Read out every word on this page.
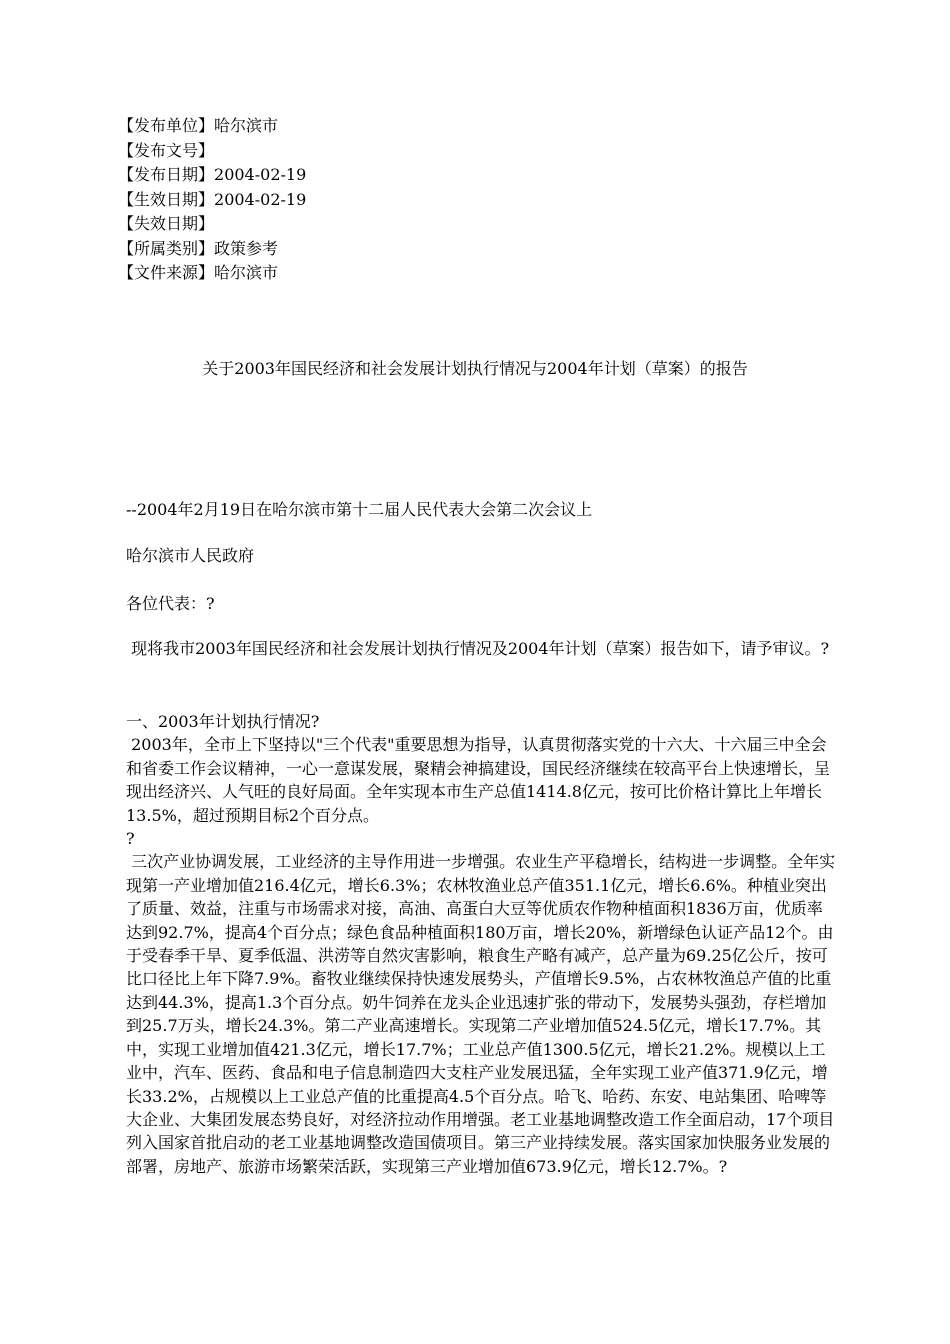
【发布单位】哈尔滨市
【发布文号】
【发布日期】2004-02-19
【生效日期】2004-02-19
【失效日期】
【所属类别】政策参考
【文件来源】哈尔滨市
关于2003年国民经济和社会发展计划执行情况与2004年计划（草案）的报告
--2004年2月19日在哈尔滨市第十二届人民代表大会第二次会议上
哈尔滨市人民政府
各位代表：?
现将我市2003年国民经济和社会发展计划执行情况及2004年计划（草案）报告如下，请予审议。?
一、2003年计划执行情况?
2003年，全市上下坚持以"三个代表"重要思想为指导，认真贯彻落实党的十六大、十六届三中全会和省委工作会议精神，一心一意谋发展，聚精会神搞建设，国民经济继续在较高平台上快速增长，呈现出经济兴、人气旺的良好局面。全年实现本市生产总值1414.8亿元，按可比价格计算比上年增长13.5%，超过预期目标2个百分点。
?
三次产业协调发展，工业经济的主导作用进一步增强。农业生产平稳增长，结构进一步调整。全年实现第一产业增加值216.4亿元，增长6.3%；农林牧渔业总产值351.1亿元，增长6.6%。种植业突出了质量、效益，注重与市场需求对接，高油、高蛋白大豆等优质农作物种植面积1836万亩，优质率达到92.7%，提高4个百分点；绿色食品种植面积180万亩，增长20%，新增绿色认证产品12个。由于受春季干旱、夏季低温、洪涝等自然灾害影响，粮食生产略有减产，总产量为69.25亿公斤，按可比口径比上年下降7.9%。畜牧业继续保持快速发展势头，产值增长9.5%，占农林牧渔总产值的比重达到44.3%，提高1.3个百分点。奶牛饲养在龙头企业迅速扩张的带动下，发展势头强劲，存栏增加到25.7万头，增长24.3%。第二产业高速增长。实现第二产业增加值524.5亿元，增长17.7%。其中，实现工业增加值421.3亿元，增长17.7%；工业总产值1300.5亿元，增长21.2%。规模以上工业中，汽车、医药、食品和电子信息制造四大支柱产业发展迅猛，全年实现工业产值371.9亿元，增长33.2%，占规模以上工业总产值的比重提高4.5个百分点。哈飞、哈药、东安、电站集团、哈啤等大企业、大集团发展态势良好，对经济拉动作用增强。老工业基地调整改造工作全面启动，17个项目列入国家首批启动的老工业基地调整改造国债项目。第三产业持续发展。落实国家加快服务业发展的部署，房地产、旅游市场繁荣活跃，实现第三产业增加值673.9亿元，增长12.7%。?
